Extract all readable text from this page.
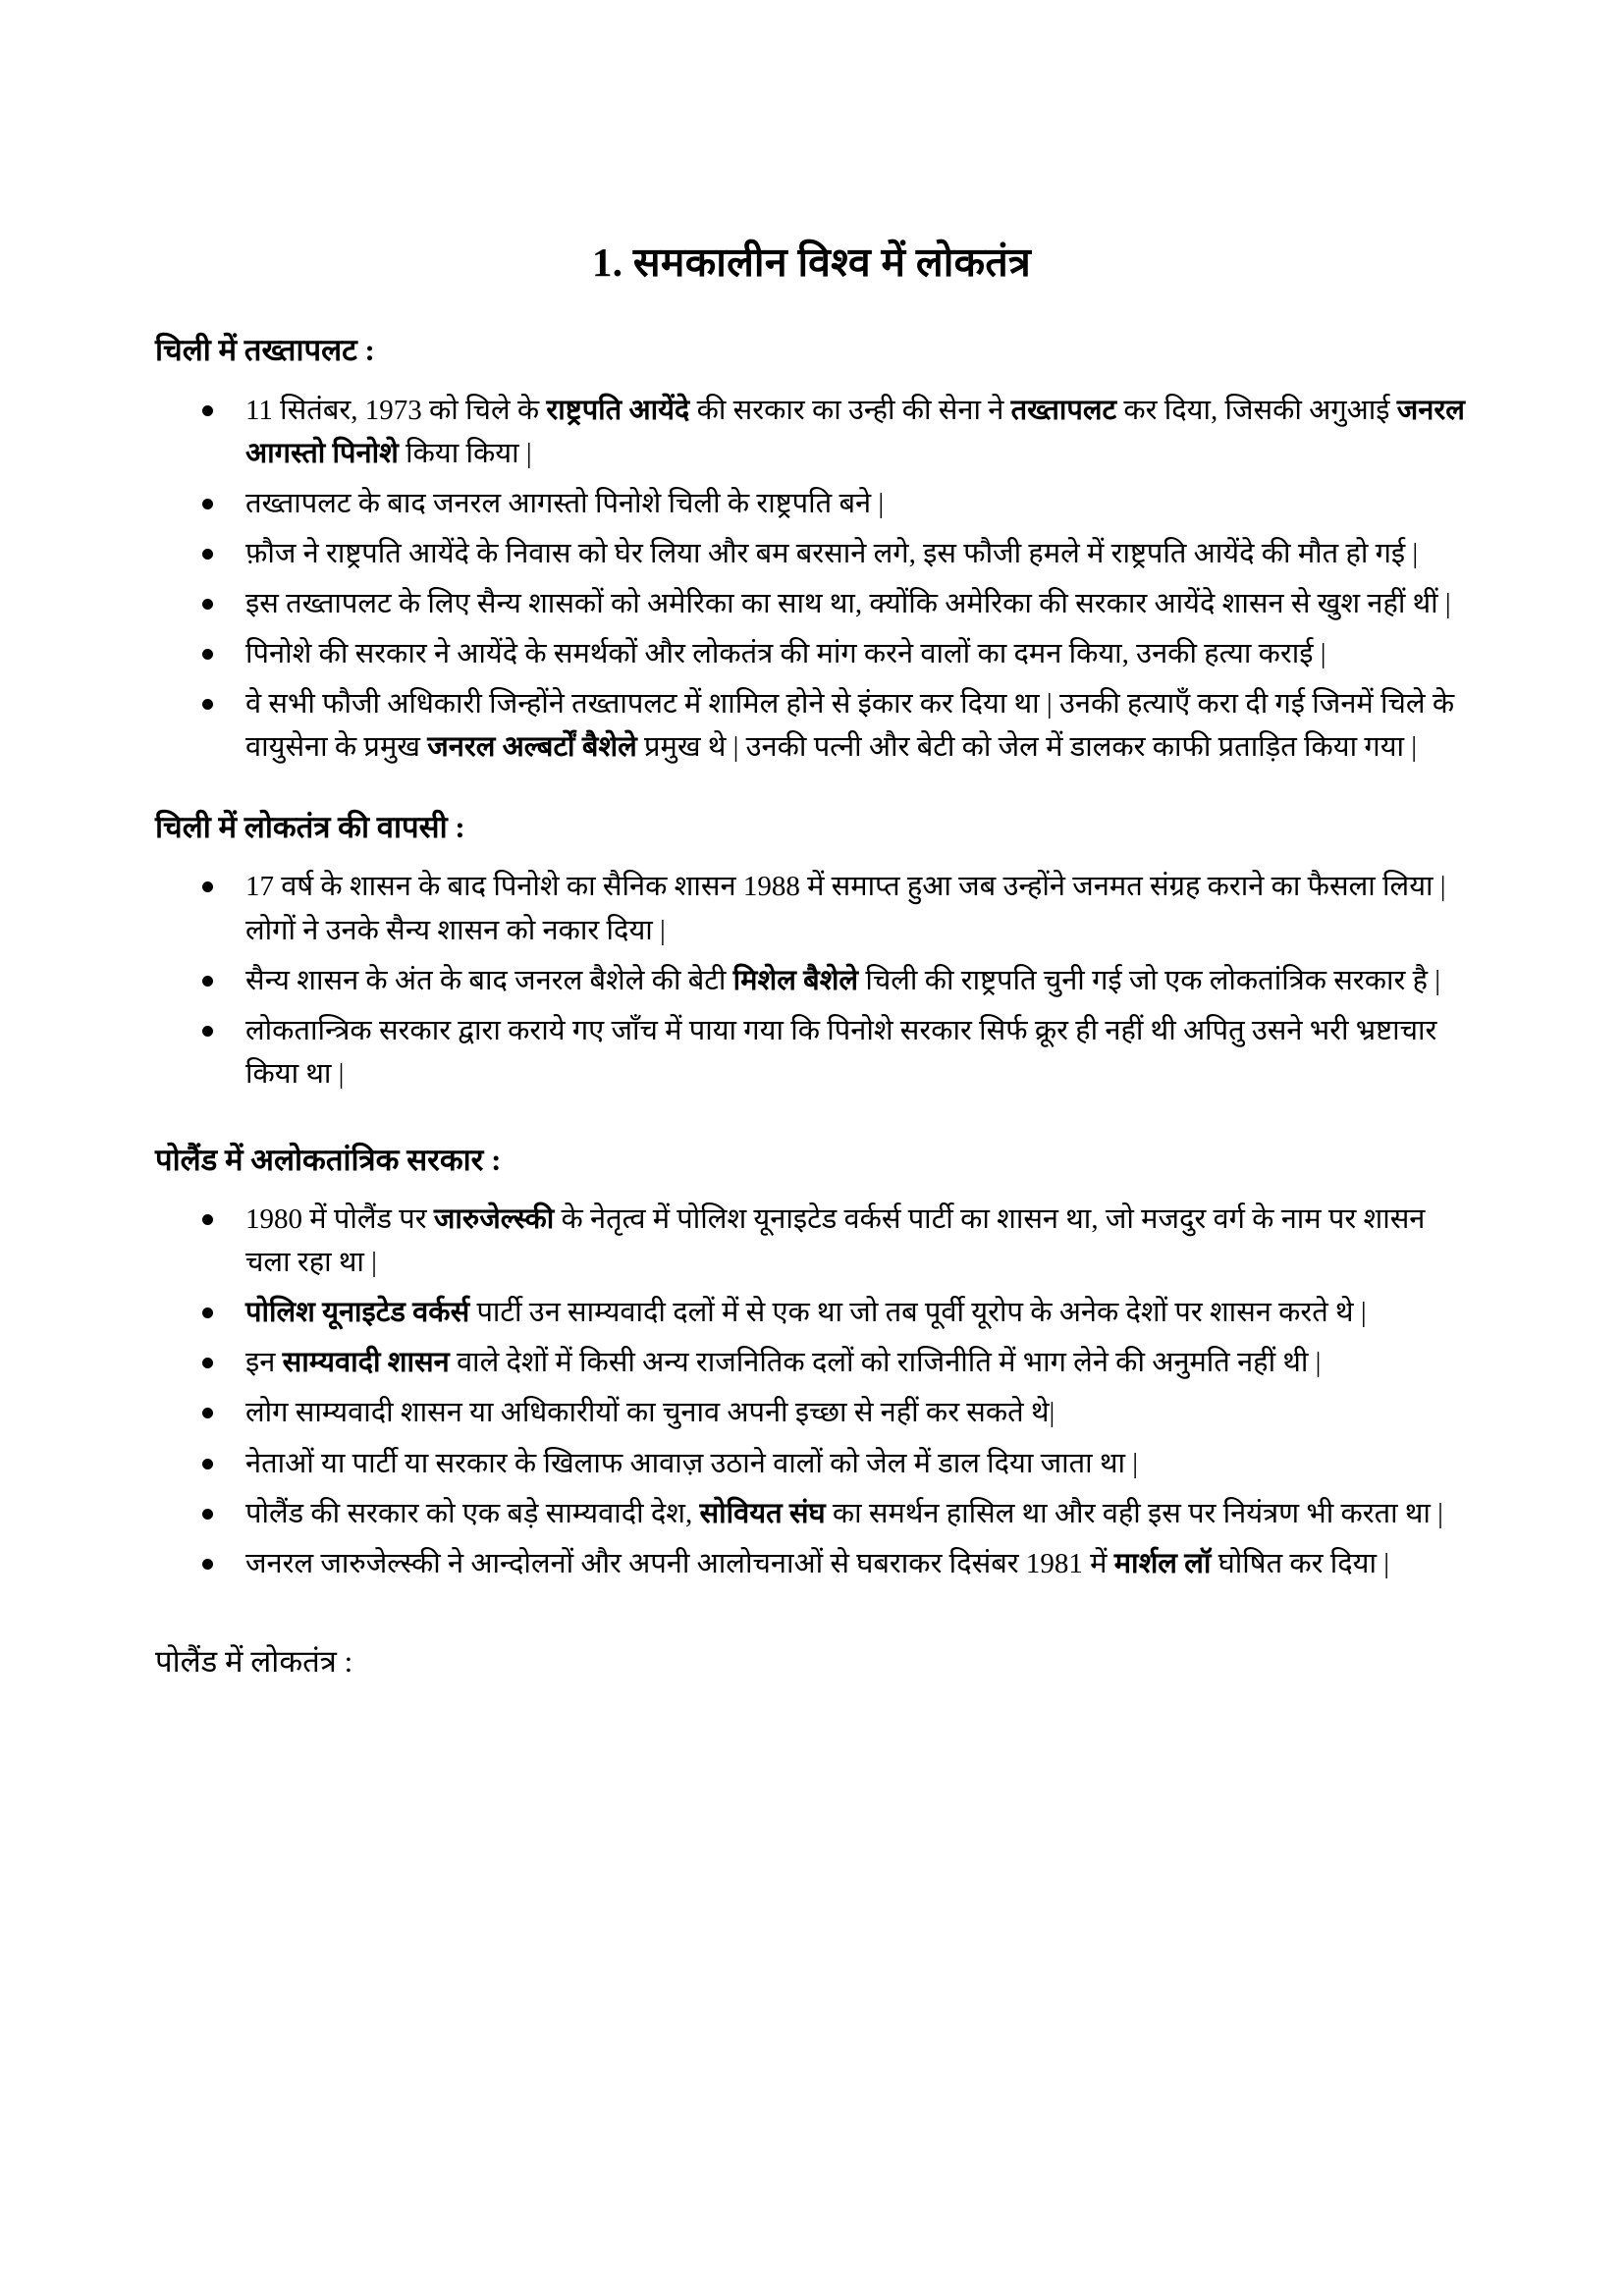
1. समकालीन विश्व में लोकतंत्र
चिली में तख्तापलट :
11 सितंबर, 1973 को चिले के राष्ट्रपति आयेंदे की सरकार का उन्ही की सेना ने तख्तापलट कर दिया, जिसकी अगुआई जनरल आगस्तो पिनोशे किया किया |
तख्तापलट के बाद जनरल आगस्तो पिनोशे चिली के राष्ट्रपति बने |
फ़ौज ने राष्ट्रपति आयेंदे के निवास को घेर लिया और बम बरसाने लगे, इस फौजी हमले में राष्ट्रपति आयेंदे की मौत हो गई |
इस तख्तापलट के लिए सैन्य शासकों को अमेरिका का साथ था, क्योंकि अमेरिका की सरकार आयेंदे शासन से खुश नहीं थीं |
पिनोशे की सरकार ने आयेंदे के समर्थकों और लोकतंत्र की मांग करने वालों का दमन किया, उनकी हत्या कराई |
वे सभी फौजी अधिकारी जिन्होंने तख्तापलट में शामिल होने से इंकार कर दिया था | उनकी हत्याएँ करा दी गई जिनमें चिले के वायुसेना के प्रमुख जनरल अल्बर्टों बैशेले प्रमुख थे | उनकी पत्नी और बेटी को जेल में डालकर काफी प्रताड़ित किया गया |
चिली में लोकतंत्र की वापसी :
17 वर्ष के शासन के बाद पिनोशे का सैनिक शासन 1988 में समाप्त हुआ जब उन्होंने जनमत संग्रह कराने का फैसला लिया | लोगों ने उनके सैन्य शासन को नकार दिया |
सैन्य शासन के अंत के बाद जनरल बैशेले की बेटी मिशेल बैशेले चिली की राष्ट्रपति चुनी गई जो एक लोकतांत्रिक सरकार है |
लोकतान्त्रिक सरकार द्वारा कराये गए जाँच में पाया गया कि पिनोशे सरकार सिर्फ क्रूर ही नहीं थी अपितु उसने भरी भ्रष्टाचार किया था |
पोलैंड में अलोकतांत्रिक सरकार :
1980 में पोलैंड पर जारुजेल्स्की के नेतृत्व में पोलिश यूनाइटेड वर्कर्स पार्टी का शासन था, जो मजदुर वर्ग के नाम पर शासन चला रहा था |
पोलिश यूनाइटेड वर्कर्स पार्टी उन साम्यवादी दलों में से एक था जो तब पूर्वी यूरोप के अनेक देशों पर शासन करते थे |
इन साम्यवादी शासन वाले देशों में किसी अन्य राजनितिक दलों को राजिनीति में भाग लेने की अनुमति नहीं थी |
लोग साम्यवादी शासन या अधिकारीयों का चुनाव अपनी इच्छा से नहीं कर सकते थे|
नेताओं या पार्टी या सरकार के खिलाफ आवाज़ उठाने वालों को जेल में डाल दिया जाता था |
पोलैंड की सरकार को एक बड़े साम्यवादी देश, सोवियत संघ का समर्थन हासिल था और वही इस पर नियंत्रण भी करता था |
जनरल जारुजेल्स्की ने आन्दोलनों और अपनी आलोचनाओं से घबराकर दिसंबर 1981 में मार्शल लॉ घोषित कर दिया |
पोलैंड में लोकतंत्र :
